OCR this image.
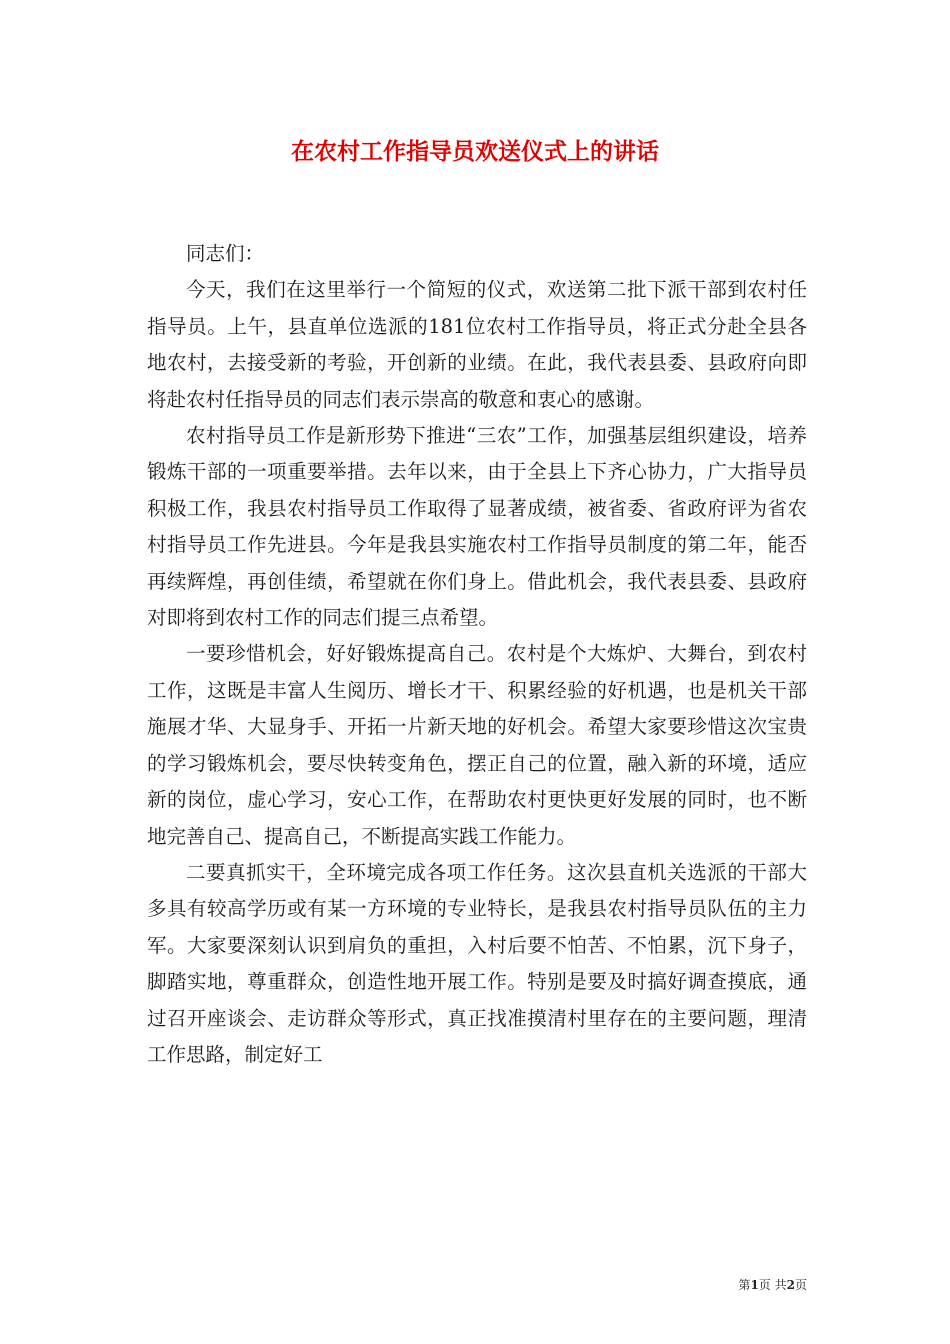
在农村工作指导员欢送仪式上的讲话

同志们：

今天，我们在这里举行一个简短的仪式，欢送第二批下派干部到农村任指导员。上午，县直单位选派的181位农村工作指导员，将正式分赴全县各地农村，去接受新的考验，开创新的业绩。在此，我代表县委、县政府向即将赴农村任指导员的同志们表示崇高的敬意和衷心的感谢。

农村指导员工作是新形势下推进“三农”工作，加强基层组织建设，培养锻炼干部的一项重要举措。去年以来，由于全县上下齐心协力，广大指导员积极工作，我县农村指导员工作取得了显著成绩，被省委、省政府评为省农村指导员工作先进县。今年是我县实施农村工作指导员制度的第二年，能否再续辉煌，再创佳绩，希望就在你们身上。借此机会，我代表县委、县政府对即将到农村工作的同志们提三点希望。

一要珍惜机会，好好锻炼提高自己。农村是个大炼炉、大舞台，到农村工作，这既是丰富人生阅历、增长才干、积累经验的好机遇，也是机关干部施展才华、大显身手、开拓一片新天地的好机会。希望大家要珍惜这次宝贵的学习锻炼机会，要尽快转变角色，摆正自己的位置，融入新的环境，适应新的岗位，虚心学习，安心工作，在帮助农村更快更好发展的同时，也不断地完善自己、提高自己，不断提高实践工作能力。

二要真抓实干，全环境完成各项工作任务。这次县直机关选派的干部大多具有较高学历或有某一方环境的专业特长，是我县农村指导员队伍的主力军。大家要深刻认识到肩负的重担，入村后要不怕苦、不怕累，沉下身子，脚踏实地，尊重群众，创造性地开展工作。特别是要及时搞好调查摸底，通过召开座谈会、走访群众等形式，真正找准摸清村里存在的主要问题，理清工作思路，制定好工

第1页 共2页
